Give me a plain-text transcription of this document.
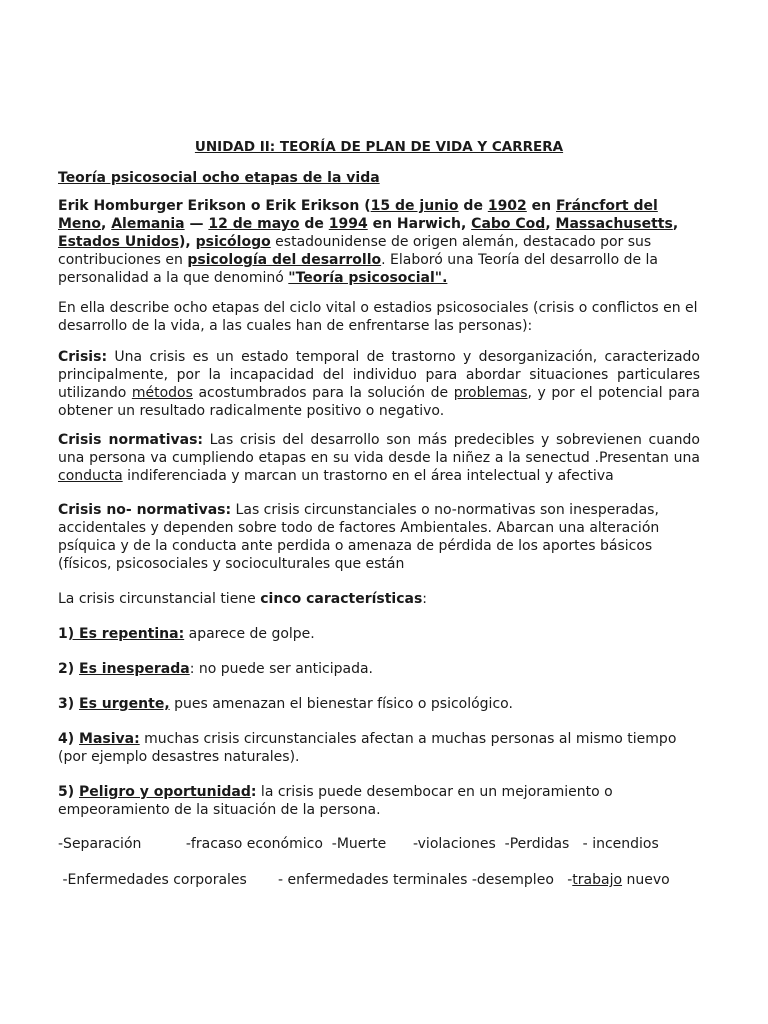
UNIDAD II: TEORÍA DE PLAN DE VIDA Y CARRERA
Teoría psicosocial ocho etapas de la vida

Erik Homburger Erikson o Erik Erikson (15 de junio de 1902 en Fráncfort del Meno, Alemania — 12 de mayo de 1994 en Harwich, Cabo Cod, Massachusetts, Estados Unidos), psicólogo estadounidense de origen alemán, destacado por sus contribuciones en psicología del desarrollo. Elaboró una Teoría del desarrollo de la personalidad a la que denominó "Teoría psicosocial".

En ella describe ocho etapas del ciclo vital o estadios psicosociales (crisis o conflictos en el desarrollo de la vida, a las cuales han de enfrentarse las personas):

Crisis: Una crisis es un estado temporal de trastorno y desorganización, caracterizado principalmente, por la incapacidad del individuo para abordar situaciones particulares utilizando métodos acostumbrados para la solución de problemas, y por el potencial para obtener un resultado radicalmente positivo o negativo.

Crisis normativas: Las crisis del desarrollo son más predecibles y sobrevienen cuando una persona va cumpliendo etapas en su vida desde la niñez a la senectud .Presentan una conducta indiferenciada y marcan un trastorno en el área intelectual y afectiva

Crisis no- normativas: Las crisis circunstanciales o no-normativas son inesperadas, accidentales y dependen sobre todo de factores Ambientales. Abarcan una alteración psíquica y de la conducta ante perdida o amenaza de pérdida de los aportes básicos (físicos, psicosociales y socioculturales que están

La crisis circunstancial tiene cinco características:

1) Es repentina: aparece de golpe.

2) Es inesperada: no puede ser anticipada.

3) Es urgente, pues amenazan el bienestar físico o psicológico.

4) Masiva: muchas crisis circunstanciales afectan a muchas personas al mismo tiempo (por ejemplo desastres naturales).

5) Peligro y oportunidad: la crisis puede desembocar en un mejoramiento o empeoramiento de la situación de la persona.

-Separación          -fracaso económico  -Muerte      -violaciones  -Perdidas   - incendios
-Enfermedades corporales       - enfermedades terminales -desempleo   -trabajo nuevo
